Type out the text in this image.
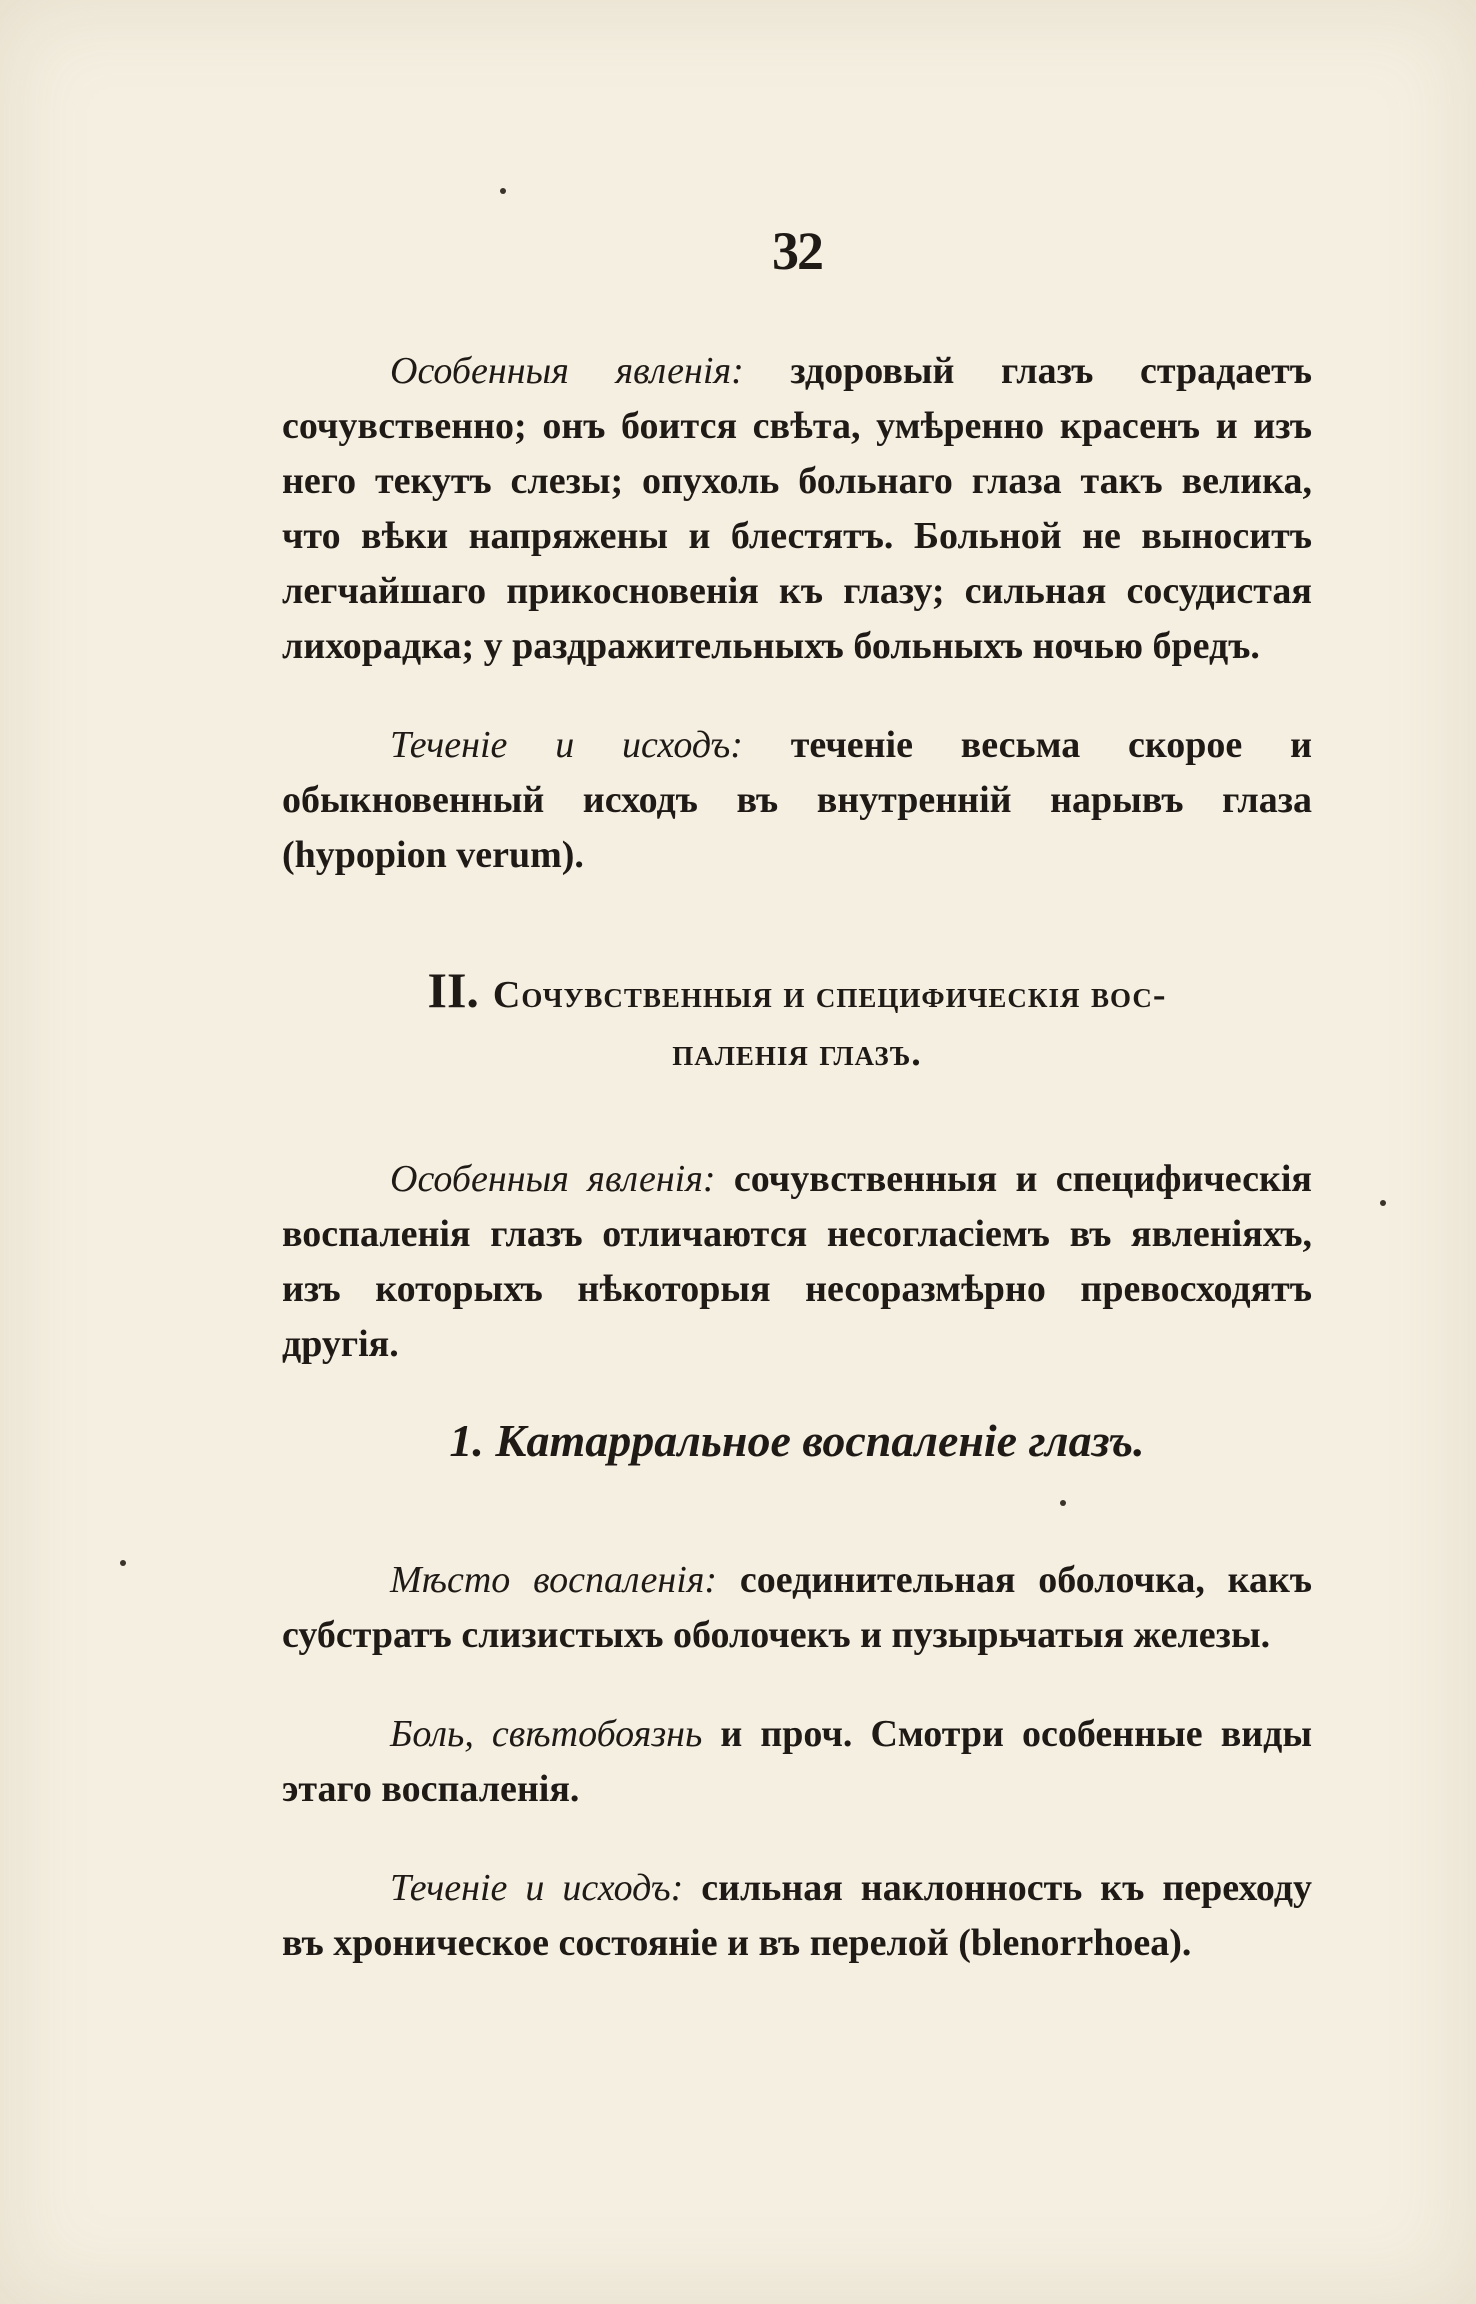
32

Особенныя явленія: здоровый глазъ страдаетъ сочувственно; онъ боится свѣта, умѣренно красенъ и изъ него текутъ слезы; опухоль больнаго глаза такъ велика, что вѣки напряжены и блестятъ. Больной не выноситъ легчайшаго прикосновенія къ глазу; сильная сосудистая лихорадка; у раздражительныхъ больныхъ ночью бредъ.

Теченіе и исходъ: теченіе весьма скорое и обыкновенный исходъ въ внутренній нарывъ глаза (hypopion verum).

II. Сочувственныя и специфическія вос-
паленія глазъ.

Особенныя явленія: сочувственныя и специфическія воспаленія глазъ отличаются несогласіемъ въ явленіяхъ, изъ которыхъ нѣкоторыя несоразмѣрно превосходятъ другія.

1. Катарральное воспаленіе глазъ.

Мѣсто воспаленія: соединительная оболочка, какъ субстратъ слизистыхъ оболочекъ и пузырьчатыя железы.

Боль, свѣтобоязнь и проч. Смотри особенные виды этаго воспаленія.

Теченіе и исходъ: сильная наклонность къ переходу въ хроническое состояніе и въ перелой (blenorrhoea).
